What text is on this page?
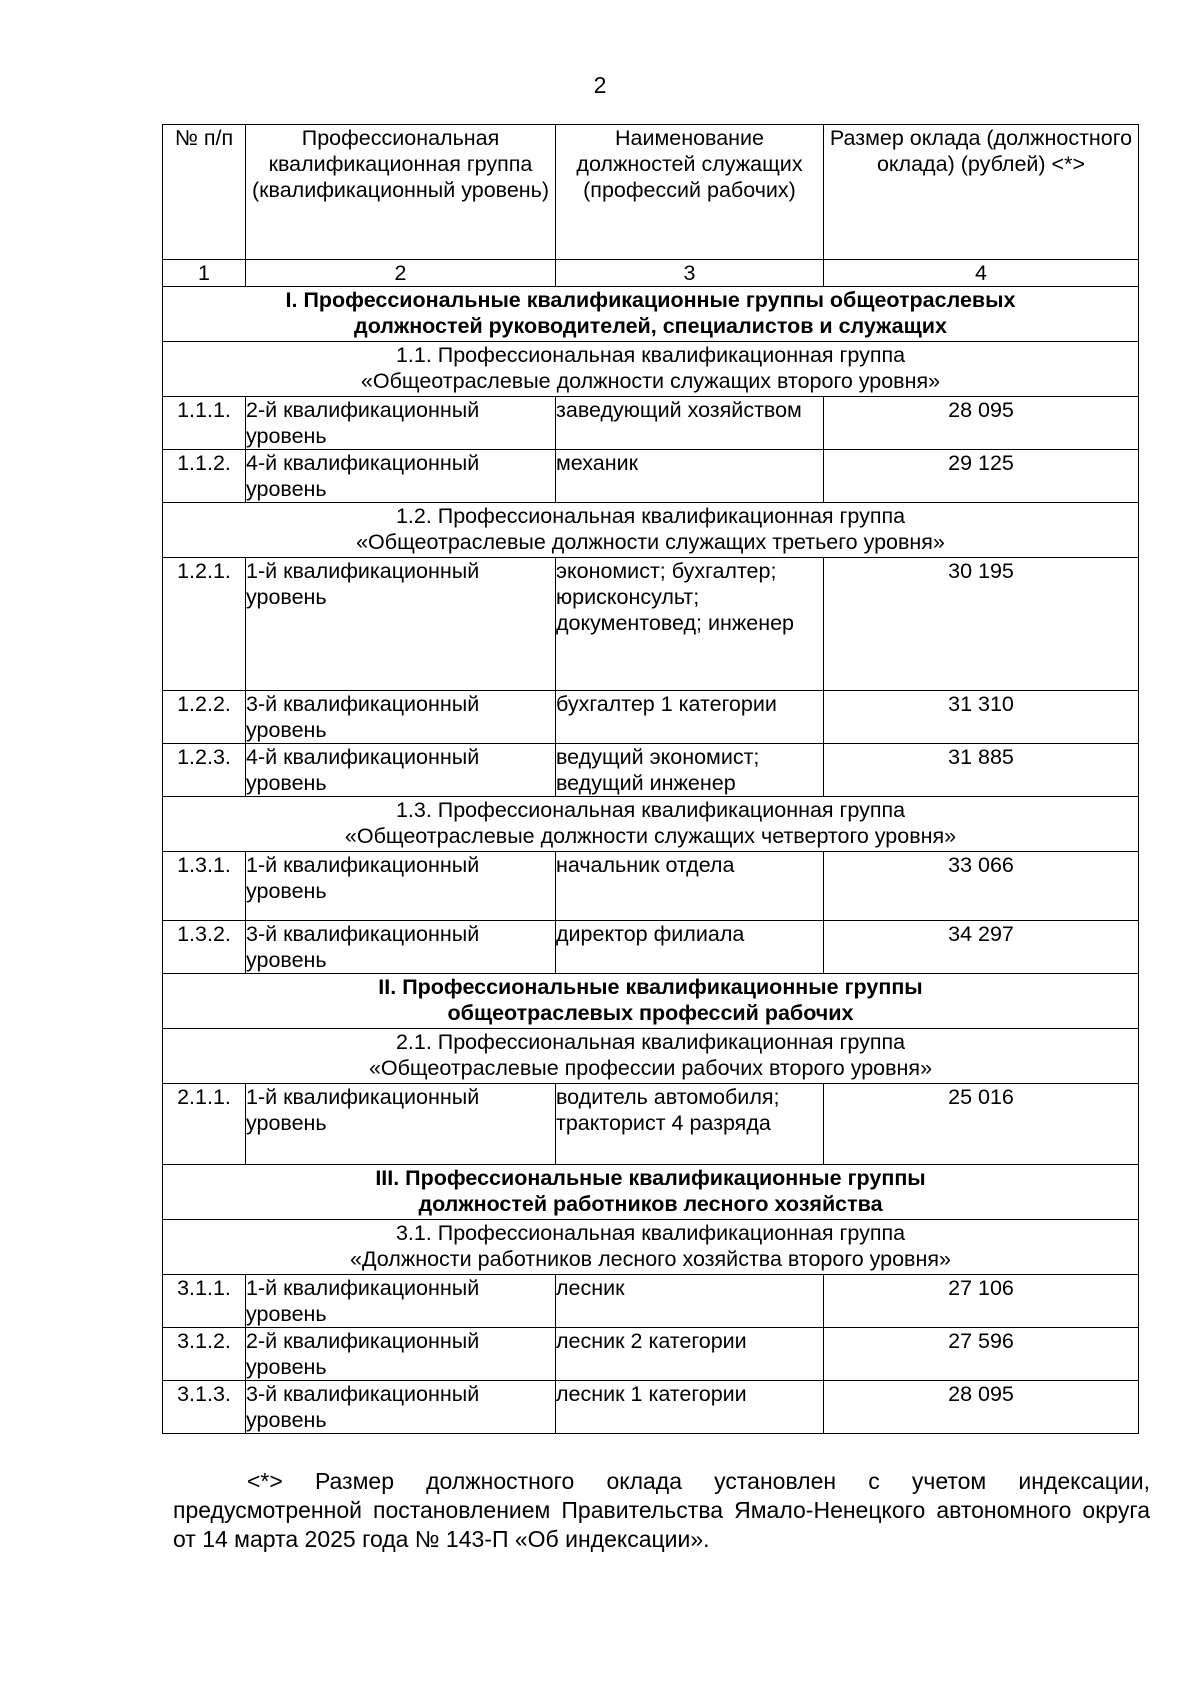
2
№ п/п	Профессиональная квалификационная группа (квалификационный уровень)	Наименование должностей служащих (профессий рабочих)	Размер оклада (должностного оклада) (рублей) <*>
1	2	3	4

I. Профессиональные квалификационные группы общеотраслевых
должностей руководителей, специалистов и служащих			

1.1. Профессиональная квалификационная группа
«Общеотраслевые должности служащих второго уровня»			

1.1.1.	2-й квалификационный уровень	заведующий хозяйством	28 095
1.1.2.	4-й квалификационный уровень	механик	29 125

1.2. Профессиональная квалификационная группа
«Общеотраслевые должности служащих третьего уровня»			

1.2.1.	1-й квалификационный уровень	экономист; бухгалтер; юрисконсульт; документовед; инженер	30 195
1.2.2.	3-й квалификационный уровень	бухгалтер 1 категории	31 310
1.2.3.	4-й квалификационный уровень	ведущий экономист; ведущий инженер	31 885

1.3. Профессиональная квалификационная группа
«Общеотраслевые должности служащих четвертого уровня»			

1.3.1.	1-й квалификационный уровень	начальник отдела	33 066
1.3.2.	3-й квалификационный уровень	директор филиала	34 297

II. Профессиональные квалификационные группы
общеотраслевых профессий рабочих			

2.1. Профессиональная квалификационная группа
«Общеотраслевые профессии рабочих второго уровня»			

2.1.1.	1-й квалификационный уровень	водитель автомобиля; тракторист 4 разряда	25 016

III. Профессиональные квалификационные группы
должностей работников лесного хозяйства			

3.1. Профессиональная квалификационная группа
«Должности работников лесного хозяйства второго уровня»			

3.1.1.	1-й квалификационный уровень	лесник	27 106
3.1.2.	2-й квалификационный уровень	лесник 2 категории	27 596
3.1.3.	3-й квалификационный уровень	лесник 1 категории	28 095

<*> Размер должностного оклада установлен с учетом индексации, предусмотренной постановлением Правительства Ямало-Ненецкого автономного округа от 14 марта 2025 года № 143-П «Об индексации».
